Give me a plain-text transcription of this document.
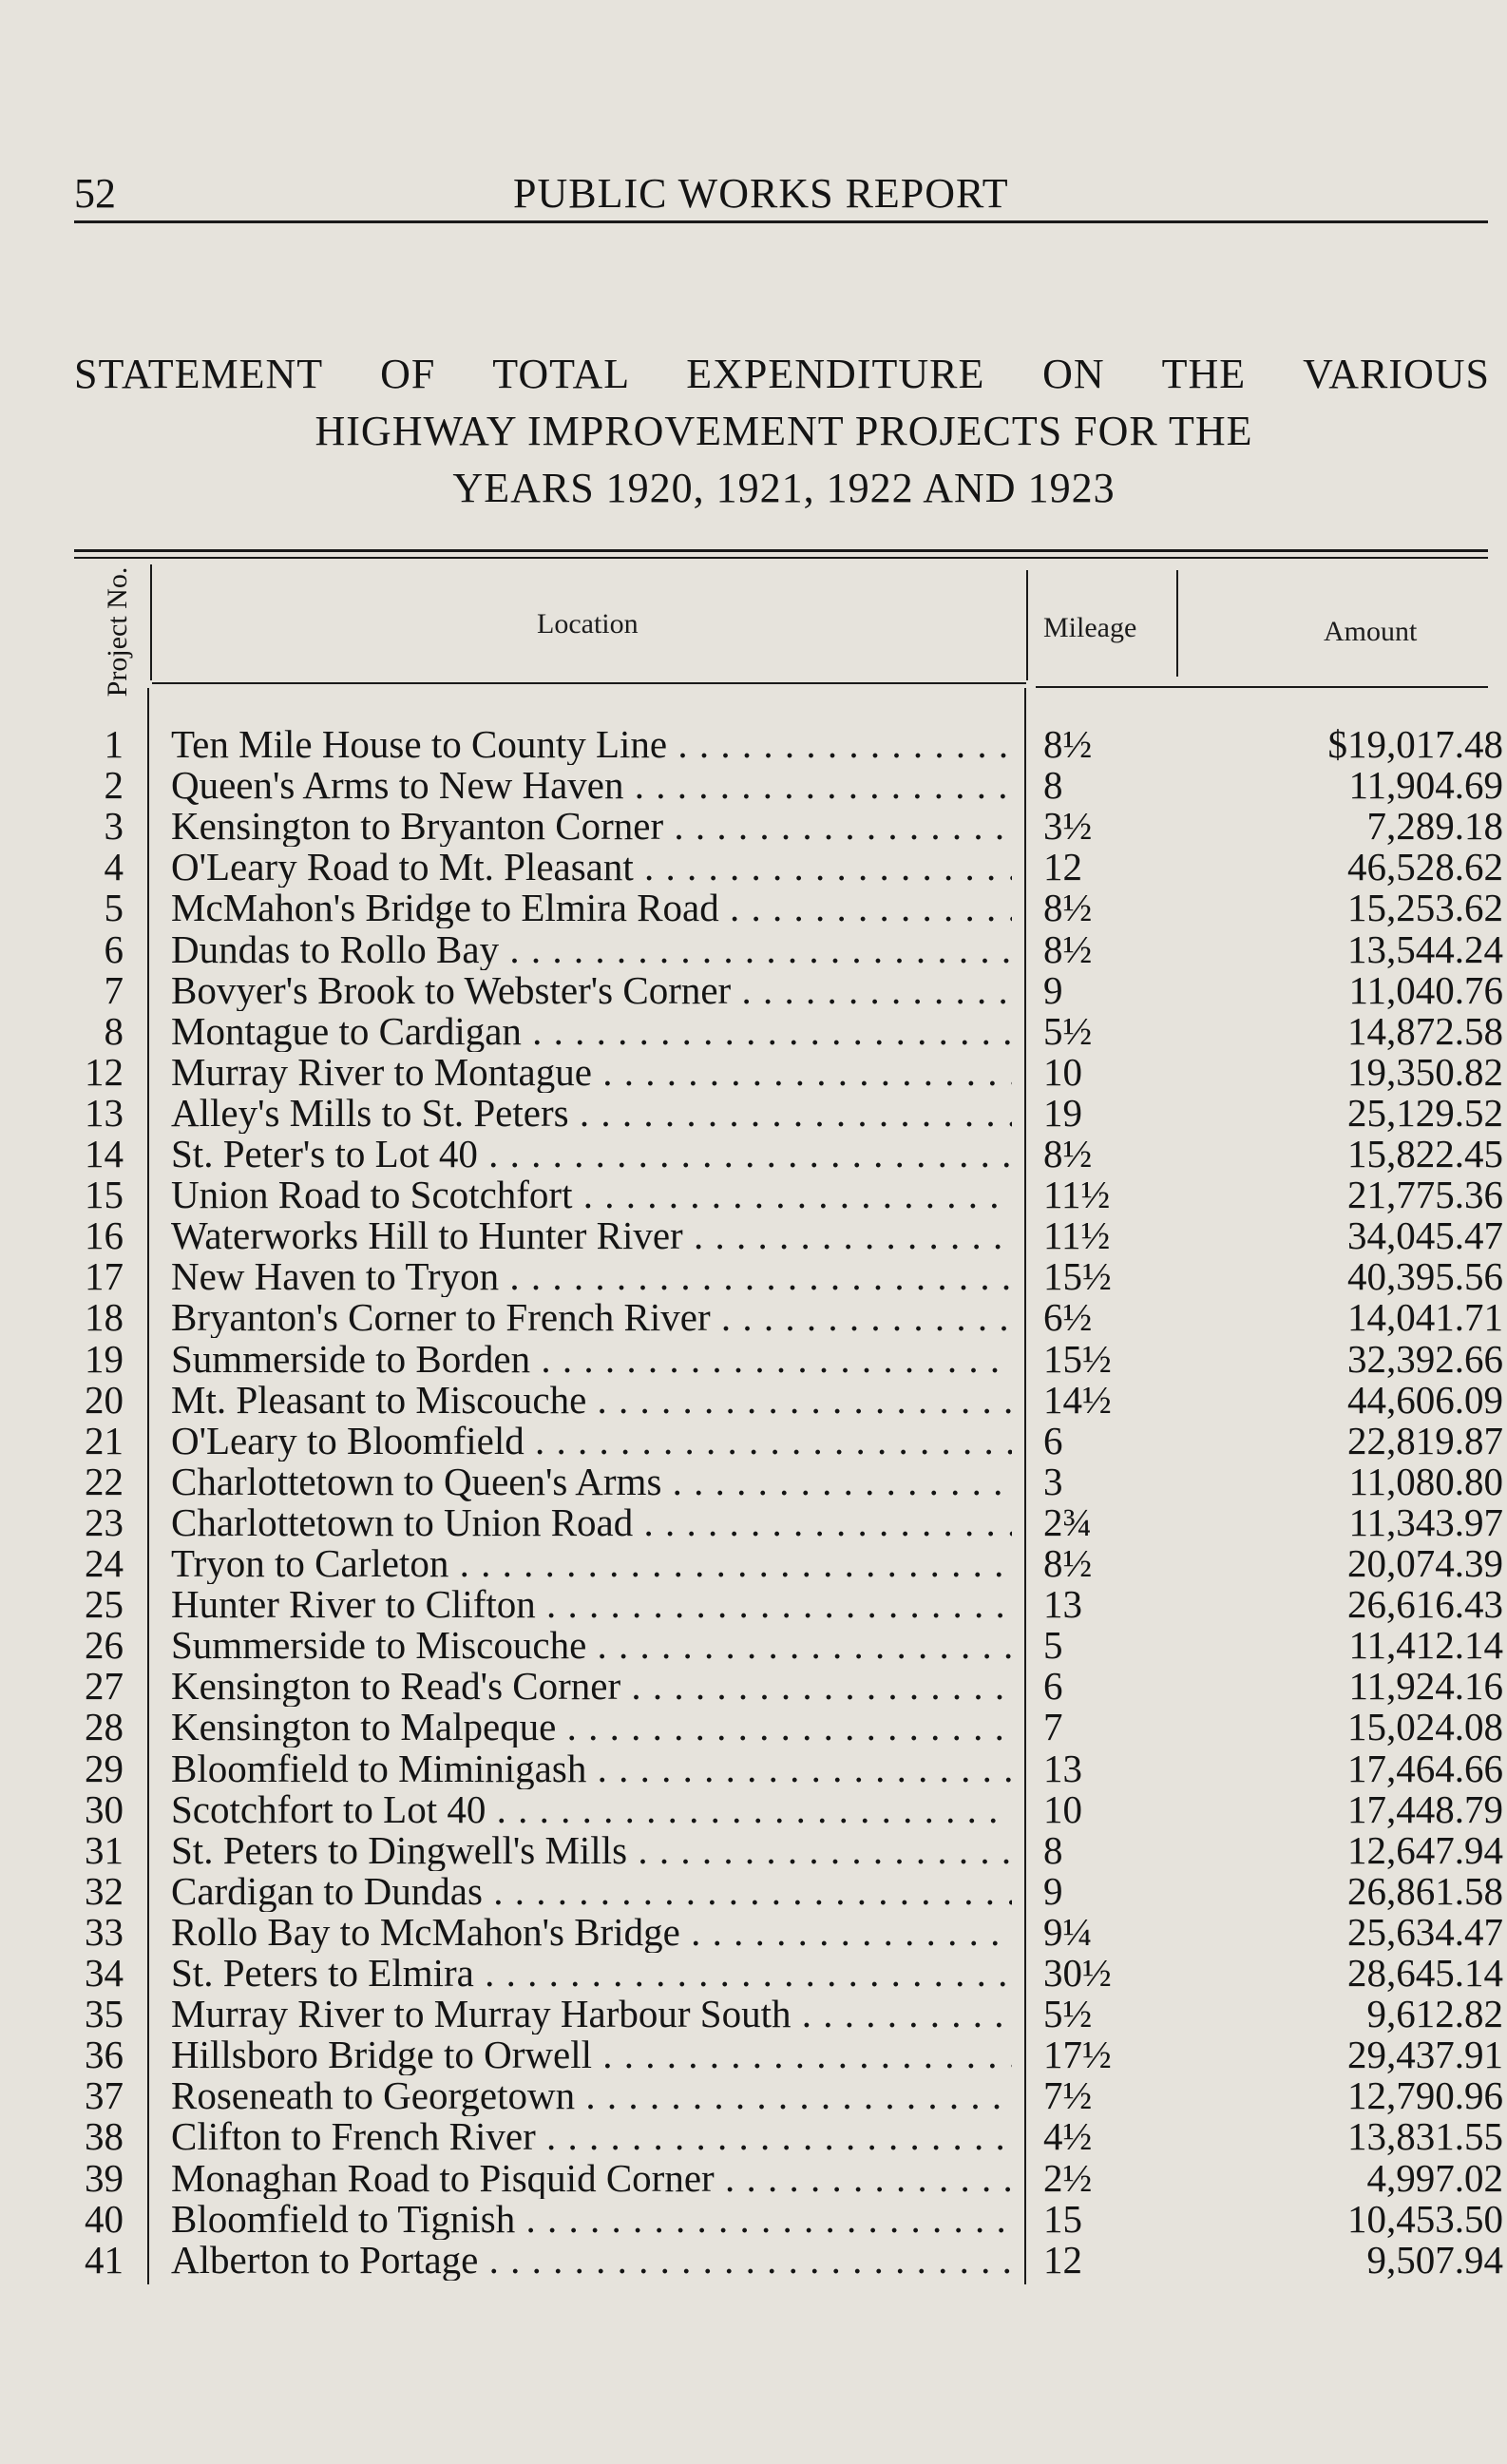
52	PUBLIC WORKS REPORT
STATEMENT OF TOTAL EXPENDITURE ON THE VARIOUS
HIGHWAY IMPROVEMENT PROJECTS FOR THE
YEARS 1920, 1921, 1922 AND 1923
Project No.	Location	Mileage	Amount
1 Ten Mile House to County Line . . .	8½	$19,017.48
2 Queen's Arms to New Haven . . .	8	11,904.69
3 Kensington to Bryanton Corner . . .	3½	7,289.18
4 O'Leary Road to Mt. Pleasant . . .	12	46,528.62
5 McMahon's Bridge to Elmira Road . . .	8½	15,253.62
6 Dundas to Rollo Bay . . .	8½	13,544.24
7 Bovyer's Brook to Webster's Corner . . .	9	11,040.76
8 Montague to Cardigan . . .	5½	14,872.58
12 Murray River to Montague . . .	10	19,350.82
13 Alley's Mills to St. Peters . . .	19	25,129.52
14 St. Peter's to Lot 40 . . .	8½	15,822.45
15 Union Road to Scotchfort . . .	11½	21,775.36
16 Waterworks Hill to Hunter River . . .	11½	34,045.47
17 New Haven to Tryon . . .	15½	40,395.56
18 Bryanton's Corner to French River . . .	6½	14,041.71
19 Summerside to Borden . . .	15½	32,392.66
20 Mt. Pleasant to Miscouche . . .	14½	44,606.09
21 O'Leary to Bloomfield . . .	6	22,819.87
22 Charlottetown to Queen's Arms . . .	3	11,080.80
23 Charlottetown to Union Road . . .	2¾	11,343.97
24 Tryon to Carleton . . .	8½	20,074.39
25 Hunter River to Clifton . . .	13	26,616.43
26 Summerside to Miscouche . . .	5	11,412.14
27 Kensington to Read's Corner . . .	6	11,924.16
28 Kensington to Malpeque . . .	7	15,024.08
29 Bloomfield to Miminigash . . .	13	17,464.66
30 Scotchfort to Lot 40 . . .	10	17,448.79
31 St. Peters to Dingwell's Mills . . .	8	12,647.94
32 Cardigan to Dundas . . .	9	26,861.58
33 Rollo Bay to McMahon's Bridge . . .	9¼	25,634.47
34 St. Peters to Elmira . . .	30½	28,645.14
35 Murray River to Murray Harbour South . . .	5½	9,612.82
36 Hillsboro Bridge to Orwell . . .	17½	29,437.91
37 Roseneath to Georgetown . . .	7½	12,790.96
38 Clifton to French River . . .	4½	13,831.55
39 Monaghan Road to Pisquid Corner . . .	2½	4,997.02
40 Bloomfield to Tignish . . .	15	10,453.50
41 Alberton to Portage . . .	12	9,507.94
